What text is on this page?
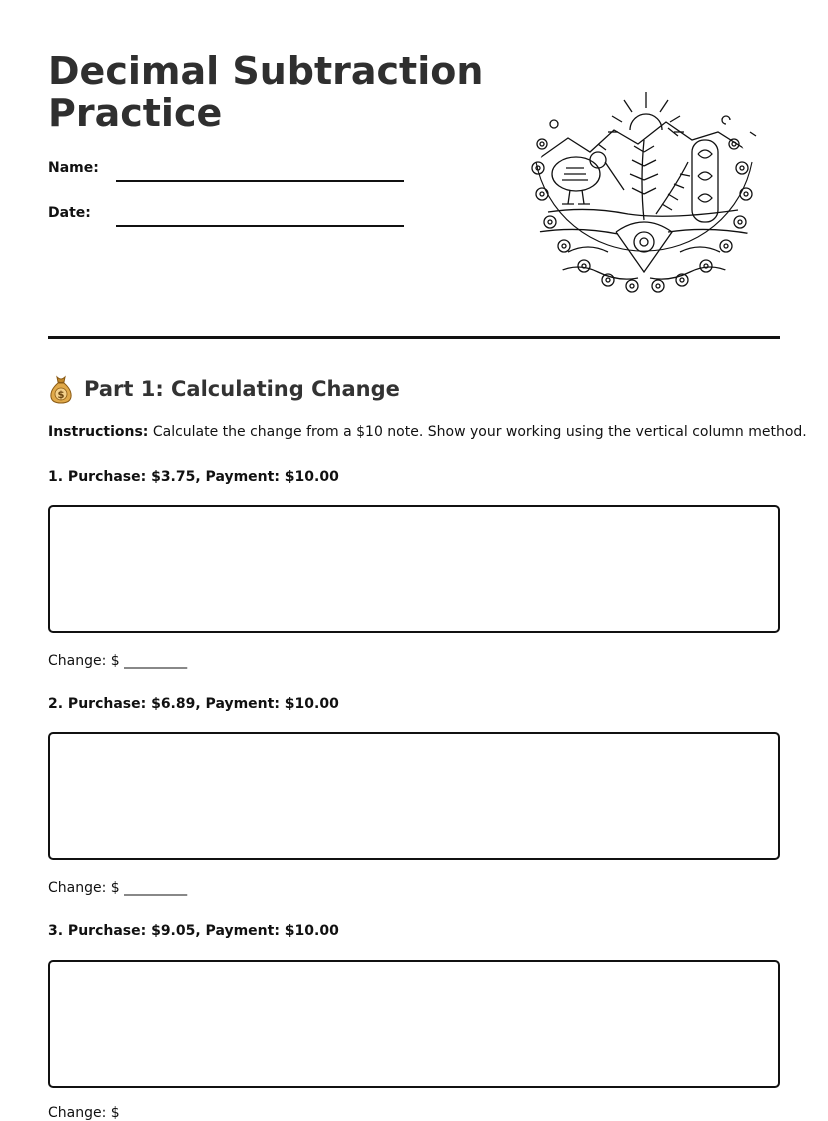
Decimal Subtraction Practice
Name:
Date:
$ Part 1: Calculating Change
Instructions: Calculate the change from a $10 note. Show your working using the vertical column method.
1. Purchase: $3.75, Payment: $10.00
Change: $ _________
2. Purchase: $6.89, Payment: $10.00
Change: $ _________
3. Purchase: $9.05, Payment: $10.00
Change: $
